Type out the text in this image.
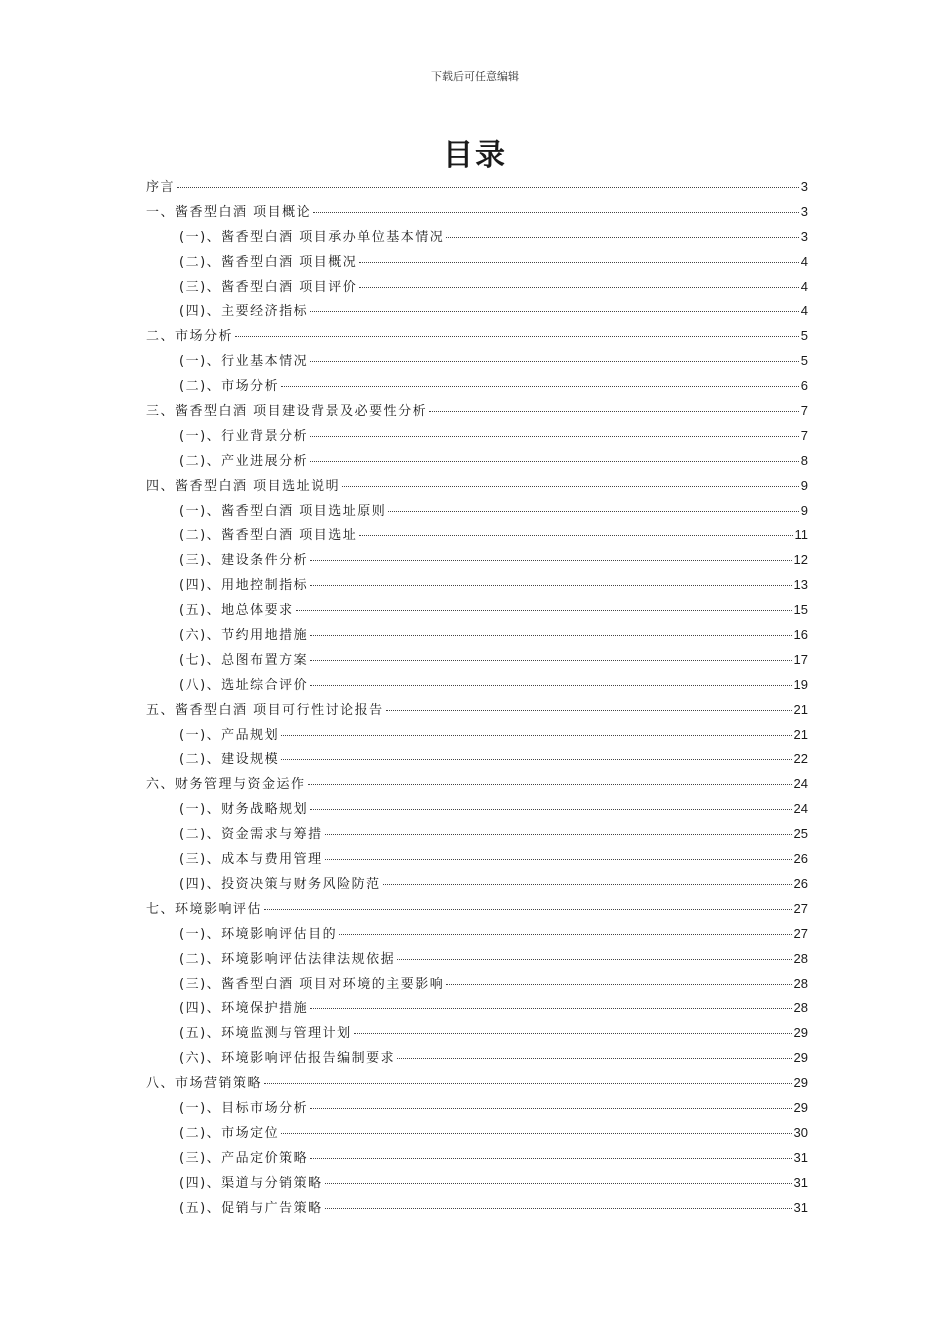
下载后可任意编辑
目录
序言	3
一、酱香型白酒 项目概论	3
(一)、酱香型白酒 项目承办单位基本情况	3
(二)、酱香型白酒 项目概况	4
(三)、酱香型白酒 项目评价	4
(四)、主要经济指标	4
二、市场分析	5
(一)、行业基本情况	5
(二)、市场分析	6
三、酱香型白酒 项目建设背景及必要性分析	7
(一)、行业背景分析	7
(二)、产业进展分析	8
四、酱香型白酒 项目选址说明	9
(一)、酱香型白酒 项目选址原则	9
(二)、酱香型白酒 项目选址	11
(三)、建设条件分析	12
(四)、用地控制指标	13
(五)、地总体要求	15
(六)、节约用地措施	16
(七)、总图布置方案	17
(八)、选址综合评价	19
五、酱香型白酒 项目可行性讨论报告	21
(一)、产品规划	21
(二)、建设规模	22
六、财务管理与资金运作	24
(一)、财务战略规划	24
(二)、资金需求与筹措	25
(三)、成本与费用管理	26
(四)、投资决策与财务风险防范	26
七、环境影响评估	27
(一)、环境影响评估目的	27
(二)、环境影响评估法律法规依据	28
(三)、酱香型白酒 项目对环境的主要影响	28
(四)、环境保护措施	28
(五)、环境监测与管理计划	29
(六)、环境影响评估报告编制要求	29
八、市场营销策略	29
(一)、目标市场分析	29
(二)、市场定位	30
(三)、产品定价策略	31
(四)、渠道与分销策略	31
(五)、促销与广告策略	31
